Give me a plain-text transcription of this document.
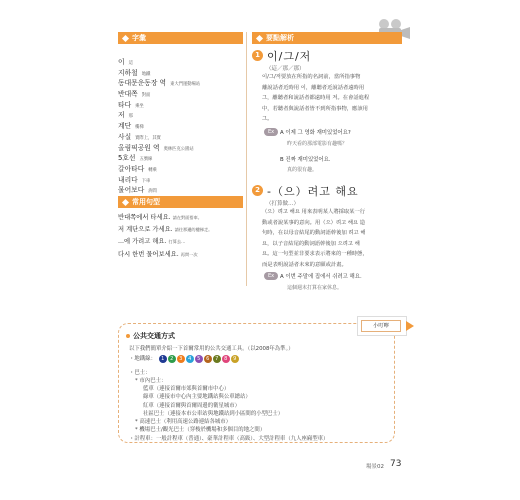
字彙
이這
지하철 地鐵
동대문운동장 역 東大門運動場站
반대쪽 對面
타다 乘坐
저那
계단 樓梯
사실 實際上，其實
올림픽공원 역 奧林匹克公園站
5호선 五號線
갈아타다 轉乘
내리다 下車
물어보다 詢問
常用句型
반대쪽에서 타세요. 請在對面搭車。
저 계단으로 가세요. 請往那邊的樓梯走。
...에 가려고 해요. 打算去…
다시 한번 물어보세요. 再問一次
要點解析
1 이/그/저
（這／那／那）
이/그/저要放在所指的名詞前，當所指事物
離說話者近時用 이，離聽者近說話者遠時用
그，離聽者和說話者都遠時用 저。在會話進程
中，若聽者與說話者皆不到所指事物，應該用
그。
Ex	A 이제 그 영화 재미있었어요?
昨天看的那部電影有趣嗎？
B 진짜 재미있었어요.
真的很有趣。
2 -（으）려고 해요
（打算做…）
（으）려고 해요 用來表明某人將採取某一行
動或者說某事的意向。用（으）려고 해요 造
句時，在以母音結尾的動詞語幹後加 려고 해
요，以子音結尾的動詞語幹後加 으려고 해
요。這一句型並非要求表示將來的一種時態，
而是表明說話者未來的意願或計畫。
Ex	A 이번 주말에 집에서 쉬려고 해요.
這個週末打算在家休息。
小叮嚀
公共交通方式
以下我們簡單介紹一下首爾常用的公共交通工具。（以2008年為準。）
・地鐵線： 1 2 3 4 5 6 7 8 9
・巴士：
* 市內巴士：
藍車（連接首爾市郊與首爾市中心）
綠車（連接市中心內主要地鐵站與公車總站）
紅車（連接首爾與首爾周邊的衛星城市）
社區巴士（連接本市公車站與地鐵站到小區間的小型巴士）
* 高速巴士（利用高速公路連結各城市）
* 機場巴士/觀光巴士（穿梭於機場和多個目的地之間）
・計程車：一般計程車（普通）、豪華計程車（高級）、大型計程車（九人座廂型車）
場景02 73
